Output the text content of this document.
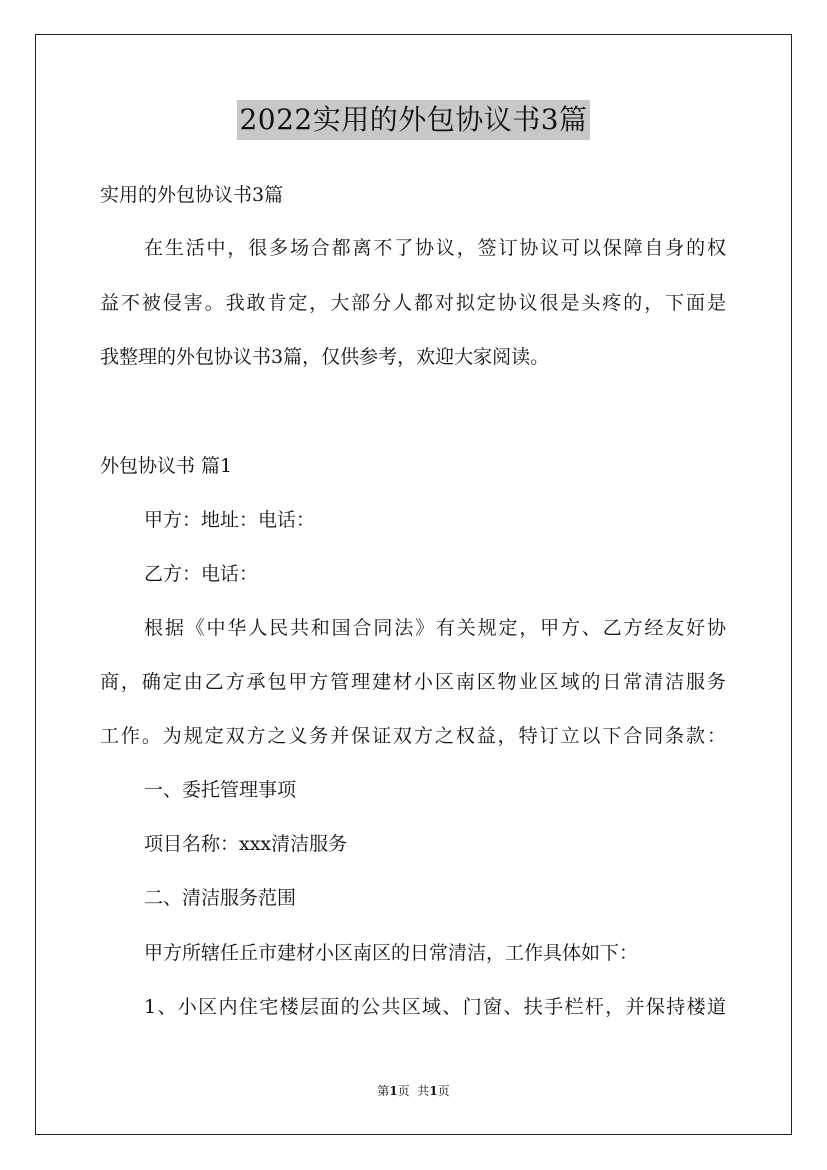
2022实用的外包协议书3篇
实用的外包协议书3篇
在生活中，很多场合都离不了协议，签订协议可以保障自身的权
益不被侵害。我敢肯定，大部分人都对拟定协议很是头疼的，下面是
我整理的外包协议书3篇，仅供参考，欢迎大家阅读。
外包协议书 篇1
甲方：地址：电话：
乙方：电话：
根据《中华人民共和国合同法》有关规定，甲方、乙方经友好协
商，确定由乙方承包甲方管理建材小区南区物业区域的日常清洁服务
工作。为规定双方之义务并保证双方之权益，特订立以下合同条款：
一、委托管理事项
项目名称：xxx清洁服务
二、清洁服务范围
甲方所辖任丘市建材小区南区的日常清洁，工作具体如下：
1、小区内住宅楼层面的公共区域、门窗、扶手栏杆，并保持楼道
第1页  共1页
